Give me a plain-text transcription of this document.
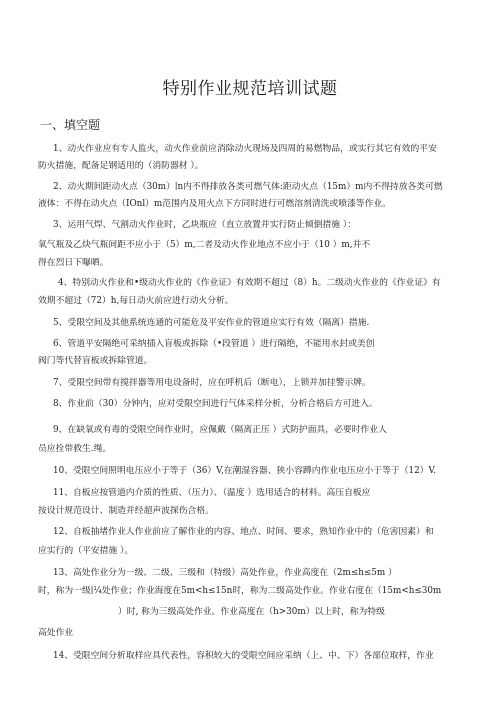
特别作业规范培训试题
一、填空题
1、动火作业应有专人监火，动火作业前应消除动火现场及四周的易燃物品，或实行其它有效的平安
防火措施，配备足钢适用的（消防器材 ）。
2、动火期间距动火点（30m）∣n内不得排放各类可燃气体:距动火点（15m）m内不得持放各类可燃
液体：不得在动火点（IOnl）m范围内及用火点下方同时进行可燃溶剂清洗或喷漆等作业。
3、运用气焊、气割动火作业时，乙块瓶应（直立放置并实行防止倾倒措施 ）：
氧气瓶及乙炔气瓶间距不应小于（5）m,二者及动火作业地点不应小于（10 ）m,并不
得在烈日下曝晒。
4、特别动火作业和•级动火作业的《作业证》有效期不超过（8）h。二级动火作业的《作业证》有
效期不超过（72）h,每日动火前应进行动火分析。
5、受限空间及其他系统连通的可能危及平安作业的管道应实行有效（隔离）措施.
6、管道平安隔绝可采纳插入盲板或拆除（•段管道 ）进行隔绝，不能用水封或美创
阀门等代替盲板或拆除管道。
7、受限空间带有搅拌器等用电设备时，应在呼机后（断电），上锁并加挂警示牌。
8、作业前（30）分钟内，应对受限空间进行气体采样分析，分析合格后方可进入。
9、在缺氧或有毒的受限空间作业时，应佩戴（隔离正压 ）式防护面具，必要时作业人
员应拴带救生.绳。
10、受限空间照明电压应小于等于（36）V,在潮湿容器、狭小容蹲内作业电压应小于等于（12）V.
11、自板应按管道内介质的性质、（压力）、（温度 ）选用适合的材料。高压自板应
按设计规范设计、制造并经超声波探伤合格。
12、自板抽堵作业人作业前应了解作业的内容、地点、时间、要求，熟知作业中的（危害因素）和
应实行的（平安措施 ）。
13、高处作业分为一级、二级、三级和（特级）高处作业，作业高度在（2m≤h≤5m ）
时，称为一级∣¼处作业；作业海度在5m<h≤15n时，称为二级高处作业。作业右度在（15m<h≤30m
）时, 称为三级高处作业。作业高度在（h>30m）以上时，称为特级
高处作业
14、受限空间分析取样应具代表性，容积较大的受限空间应采纳（上、中、下）各部位取样，作业
